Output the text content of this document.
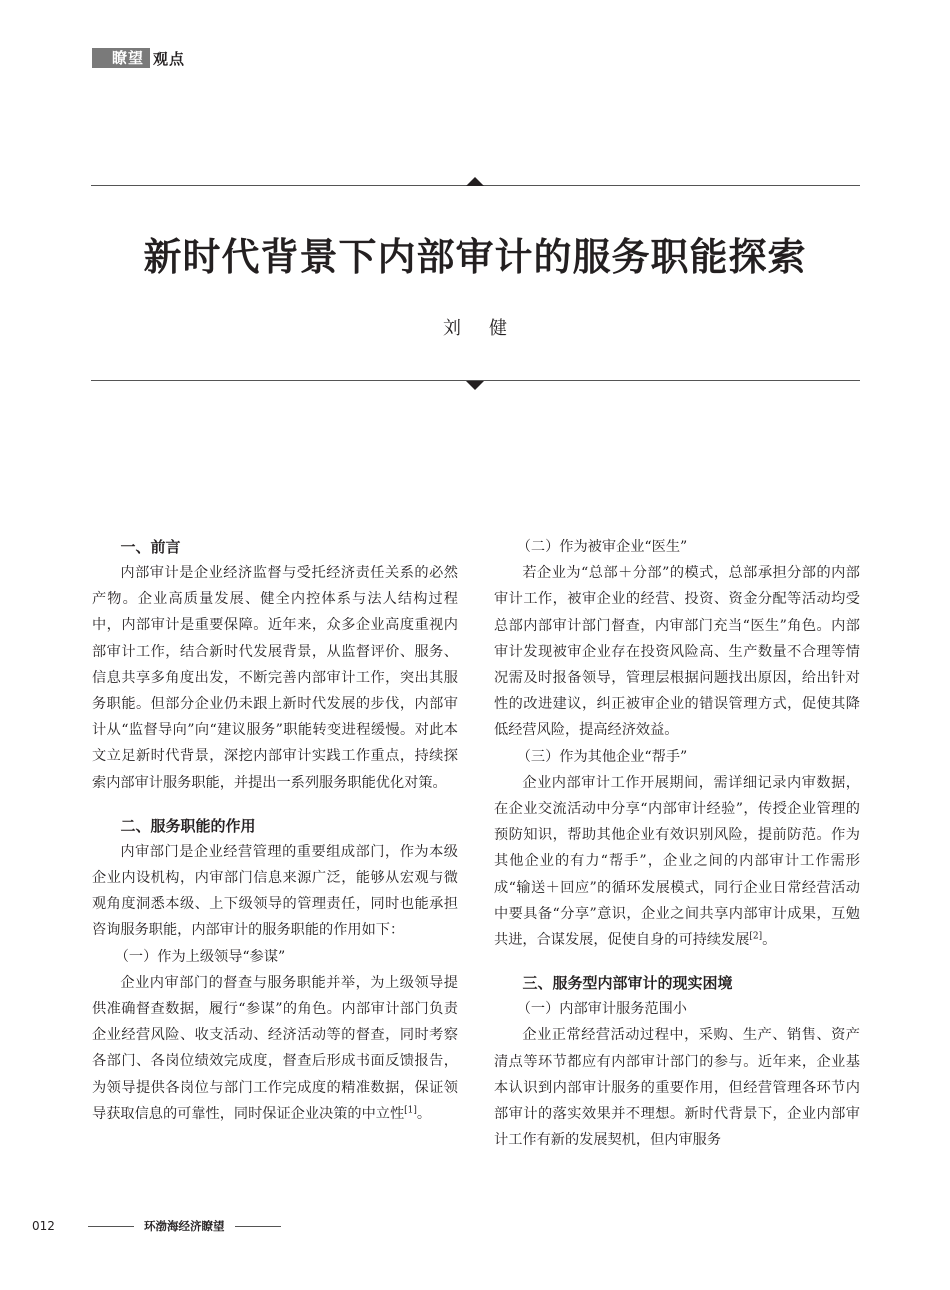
瞭望 观点
新时代背景下内部审计的服务职能探索
刘健
一、前言

内部审计是企业经济监督与受托经济责任关系的必然产物。企业高质量发展、健全内控体系与法人结构过程中，内部审计是重要保障。近年来，众多企业高度重视内部审计工作，结合新时代发展背景，从监督评价、服务、信息共享多角度出发，不断完善内部审计工作，突出其服务职能。但部分企业仍未跟上新时代发展的步伐，内部审计从“监督导向”向“建议服务”职能转变进程缓慢。对此本文立足新时代背景，深挖内部审计实践工作重点，持续探索内部审计服务职能，并提出一系列服务职能优化对策。

二、服务职能的作用

内审部门是企业经营管理的重要组成部门，作为本级企业内设机构，内审部门信息来源广泛，能够从宏观与微观角度洞悉本级、上下级领导的管理责任，同时也能承担咨询服务职能，内部审计的服务职能的作用如下：

（一）作为上级领导“参谋”

企业内审部门的督查与服务职能并举，为上级领导提供准确督查数据，履行“参谋”的角色。内部审计部门负责企业经营风险、收支活动、经济活动等的督查，同时考察各部门、各岗位绩效完成度，督查后形成书面反馈报告，为领导提供各岗位与部门工作完成度的精准数据，保证领导获取信息的可靠性，同时保证企业决策的中立性[1]。

（二）作为被审企业“医生”

若企业为“总部＋分部”的模式，总部承担分部的内部审计工作，被审企业的经营、投资、资金分配等活动均受总部内部审计部门督查，内审部门充当“医生”角色。内部审计发现被审企业存在投资风险高、生产数量不合理等情况需及时报备领导，管理层根据问题找出原因，给出针对性的改进建议，纠正被审企业的错误管理方式，促使其降低经营风险，提高经济效益。

（三）作为其他企业“帮手”

企业内部审计工作开展期间，需详细记录内审数据，在企业交流活动中分享“内部审计经验”，传授企业管理的预防知识，帮助其他企业有效识别风险，提前防范。作为其他企业的有力“帮手”，企业之间的内部审计工作需形成“输送＋回应”的循环发展模式，同行企业日常经营活动中要具备“分享”意识，企业之间共享内部审计成果，互勉共进，合谋发展，促使自身的可持续发展[2]。

三、服务型内部审计的现实困境

（一）内部审计服务范围小

企业正常经营活动过程中，采购、生产、销售、资产清点等环节都应有内部审计部门的参与。近年来，企业基本认识到内部审计服务的重要作用，但经营管理各环节内部审计的落实效果并不理想。新时代背景下，企业内部审计工作有新的发展契机，但内审服务

012	环渤海经济瞭望
